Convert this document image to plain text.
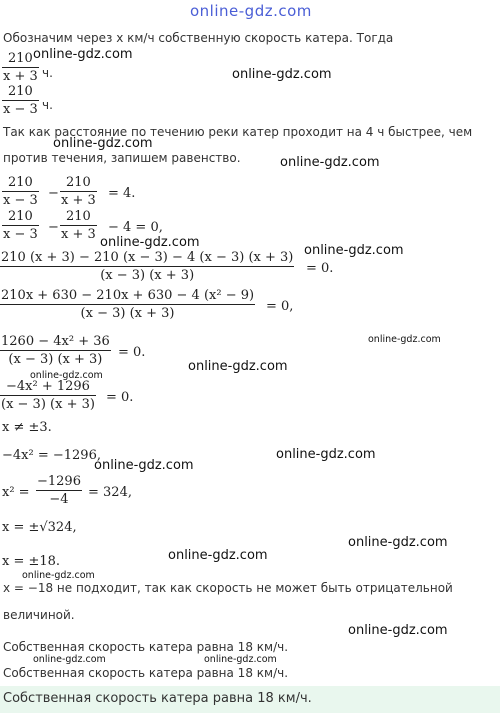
online-gdz.com
Обозначим через x км/ч собственную скорость катера. Тогда
$\frac{210}{x + 3} ч$.
$\frac{210}{x - 3} ч$.
Так как расстояние по течению реки катер проходит на 4 ч быстрее, чем
против течения, запишем равенство.
$\frac{210}{x - 3} - \frac{210}{x + 3} = 4$.
$\frac{210}{x - 3} - \frac{210}{x + 3} - 4 = 0$,
$\frac{210 (x + 3) - 210 (x - 3) - 4 (x - 3) (x + 3)}{(x - 3) (x + 3)} = 0$.
$\frac{\text{210x + 630 − 210x + 630 − 4 (x² − 9)}}{(x - 3) (x + 3)} = 0$,
$\frac{\text{1260 − 4x² + 36}}{(x - 3) (x + 3)} = 0$.
$\frac{\text{−4x² + 1296}}{(x - 3) (x + 3)} = 0$.
x ≠ ±3.
−4x² = −1296,
$x^2 = \frac{-1296}{-4} = 324$,
x = ±√324,
x = ±18.
x = −18 не подходит, так как скорость не может быть отрицательной
величиной.
Собственная скорость катера равна 18 км/ч.
Собственная скорость катера равна 18 км/ч.
Собственная скорость катера равна 18 км/ч.
online-gdz.com
online-gdz.com
online-gdz.com
online-gdz.com
online-gdz.com
online-gdz.com
online-gdz.com
online-gdz.com
online-gdz.com
online-gdz.com
online-gdz.com
online-gdz.com
online-gdz.com
online-gdz.com
online-gdz.com
online-gdz.com	online-gdz.com
